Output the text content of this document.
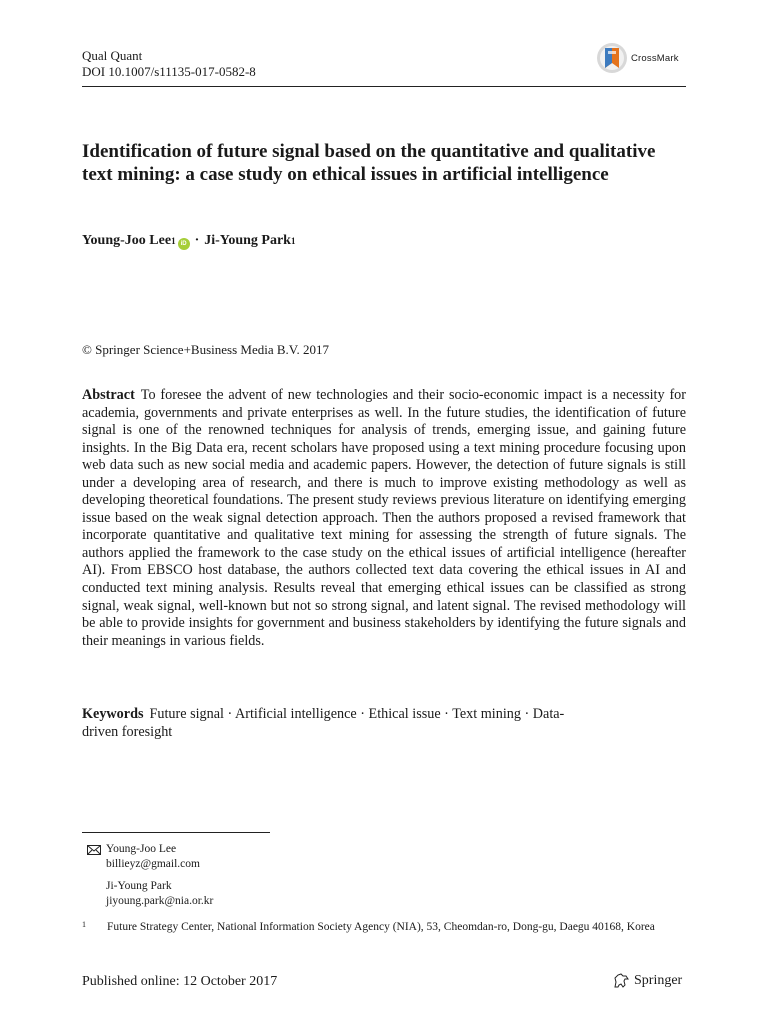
Qual Quant
DOI 10.1007/s11135-017-0582-8
CrossMark
Identification of future signal based on the quantitative and qualitative text mining: a case study on ethical issues in artificial intelligence
Young-Joo Lee 1 iD · Ji-Young Park 1
© Springer Science+Business Media B.V. 2017

Abstract To foresee the advent of new technologies and their socio-economic impact is a necessity for academia, governments and private enterprises as well. In the future studies, the identification of future signal is one of the renowned techniques for analysis of trends, emerging issue, and gaining future insights. In the Big Data era, recent scholars have proposed using a text mining procedure focusing upon web data such as new social media and academic papers. However, the detection of future signals is still under a developing area of research, and there is much to improve existing methodology as well as developing theoretical foundations. The present study reviews previous literature on identifying emerging issue based on the weak signal detection approach. Then the authors proposed a revised framework that incorporate quantitative and qualitative text mining for assessing the strength of future signals. The authors applied the framework to the case study on the ethical issues of artificial intelligence (hereafter AI). From EBSCO host database, the authors collected text data covering the ethical issues in AI and conducted text mining analysis. Results reveal that emerging ethical issues can be classified as strong signal, weak signal, well-known but not so strong signal, and latent signal. The revised methodology will be able to provide insights for government and business stakeholders by identifying the future signals and their meanings in various fields.

Keywords Future signal · Artificial intelligence · Ethical issue · Text mining · Data-driven foresight

Young-Joo Lee
billieyz@gmail.com
Ji-Young Park
jiyoung.park@nia.or.kr
1	Future Strategy Center, National Information Society Agency (NIA), 53, Cheomdan-ro, Dong-gu, Daegu 40168, Korea
Published online: 12 October 2017	Springer
